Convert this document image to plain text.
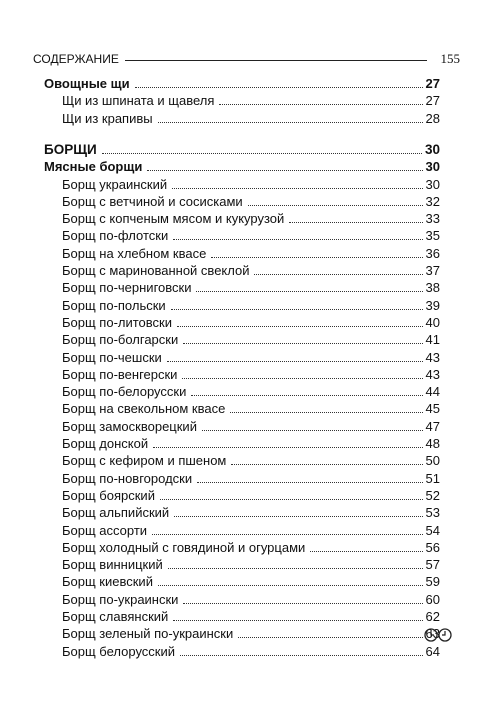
СОДЕРЖАНИЕ	155
Овощные щи	27
Щи из шпината и щавеля	27
Щи из крапивы	28
БОРЩИ	30
Мясные борщи	30
Борщ украинский	30
Борщ с ветчиной и сосисками	32
Борщ с копченым мясом и кукурузой	33
Борщ по-флотски	35
Борщ на хлебном квасе	36
Борщ с маринованной свеклой	37
Борщ по-черниговски	38
Борщ по-польски	39
Борщ по-литовски	40
Борщ по-болгарски	41
Борщ по-чешски	43
Борщ по-венгерски	43
Борщ по-белорусски	44
Борщ на свекольном квасе	45
Борщ замоскворецкий	47
Борщ донской	48
Борщ с кефиром и пшеном	50
Борщ по-новгородски	51
Борщ боярский	52
Борщ альпийский	53
Борщ ассорти	54
Борщ холодный с говядиной и огурцами	56
Борщ винницкий	57
Борщ киевский	59
Борщ по-украински	60
Борщ славянский	62
Борщ зеленый по-украински	63
Борщ белорусский	64
